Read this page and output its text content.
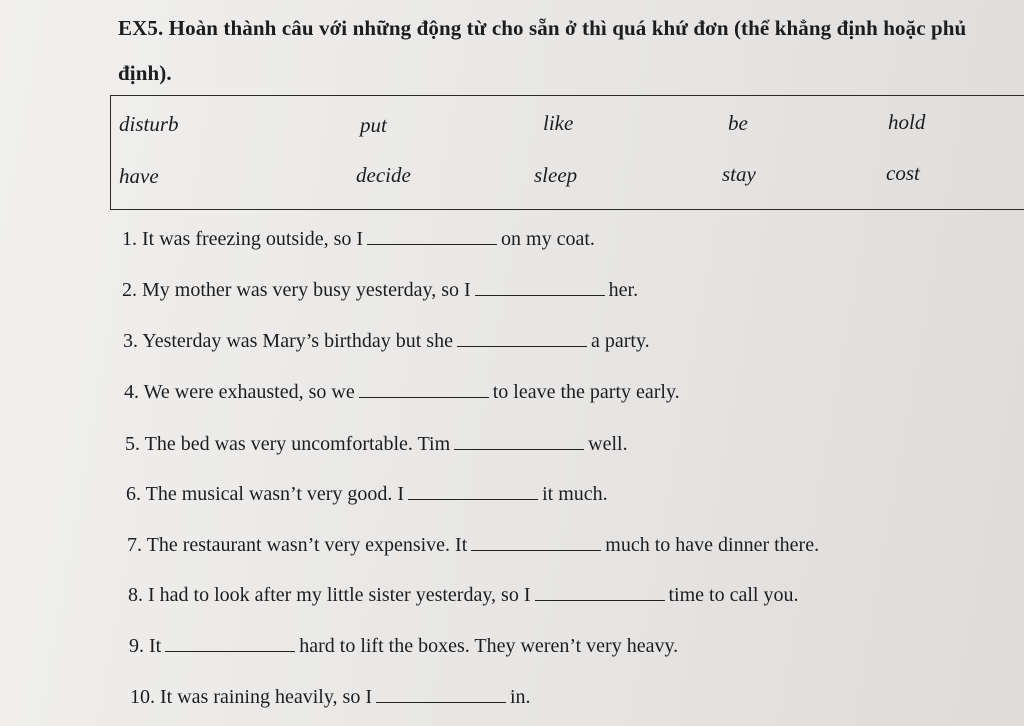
EX5. Hoàn thành câu với những động từ cho sẵn ở thì quá khứ đơn (thể khẳng định hoặc phủ định).
disturb	put	like	be	hold
have	decide	sleep	stay	cost
1. It was freezing outside, so I	on my coat.
2. My mother was very busy yesterday, so I	her.
3. Yesterday was Mary’s birthday but she	a party.
4. We were exhausted, so we	to leave the party early.
5. The bed was very uncomfortable. Tim	well.
6. The musical wasn’t very good. I	it much.
7. The restaurant wasn’t very expensive. It	much to have dinner there.
8. I had to look after my little sister yesterday, so I	time to call you.
9. It	hard to lift the boxes. They weren’t very heavy.
10. It was raining heavily, so I	in.
